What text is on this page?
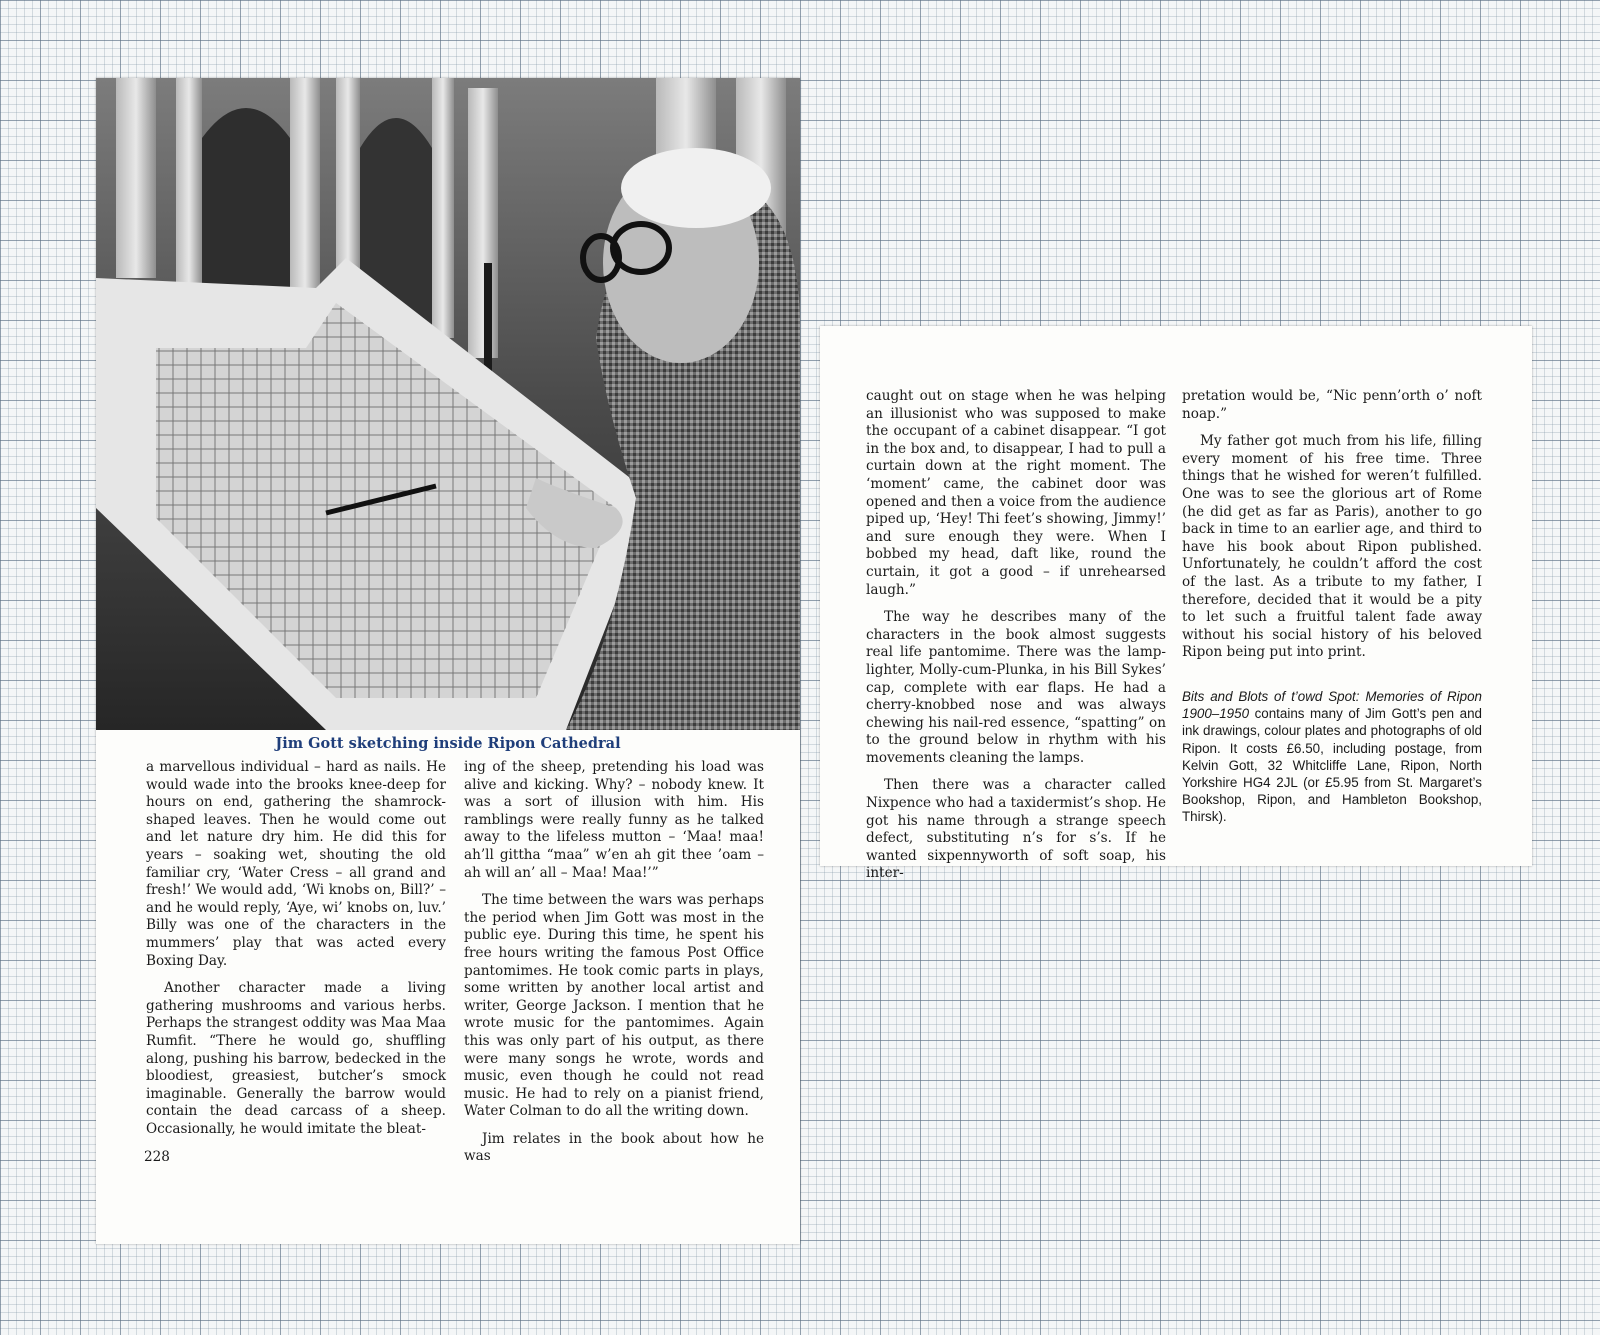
Jim Gott sketching inside Ripon Cathedral

a marvellous individual – hard as nails. He would wade into the brooks knee-deep for hours on end, gathering the shamrock-shaped leaves. Then he would come out and let nature dry him. He did this for years – soaking wet, shouting the old familiar cry, ‘Water Cress – all grand and fresh!’ We would add, ‘Wi knobs on, Bill?’ – and he would reply, ‘Aye, wi’ knobs on, luv.’ Billy was one of the characters in the mummers’ play that was acted every Boxing Day.

Another character made a living gathering mushrooms and various herbs. Perhaps the strangest oddity was Maa Maa Rumfit. “There he would go, shuffling along, pushing his barrow, bedecked in the bloodiest, greasiest, butcher’s smock imaginable. Generally the barrow would contain the dead carcass of a sheep. Occasionally, he would imitate the bleat-

ing of the sheep, pretending his load was alive and kicking. Why? – nobody knew. It was a sort of illusion with him. His ramblings were really funny as he talked away to the lifeless mutton – ‘Maa! maa! ah’ll gittha “maa” w’en ah git thee ’oam – ah will an’ all – Maa! Maa!’”

The time between the wars was perhaps the period when Jim Gott was most in the public eye. During this time, he spent his free hours writing the famous Post Office pantomimes. He took comic parts in plays, some written by another local artist and writer, George Jackson. I mention that he wrote music for the pantomimes. Again this was only part of his output, as there were many songs he wrote, words and music, even though he could not read music. He had to rely on a pianist friend, Water Colman to do all the writing down.

Jim relates in the book about how he was

228

caught out on stage when he was helping an illusionist who was supposed to make the occupant of a cabinet disappear. “I got in the box and, to disappear, I had to pull a curtain down at the right moment. The ‘moment’ came, the cabinet door was opened and then a voice from the audience piped up, ‘Hey! Thi feet’s showing, Jimmy!’ and sure enough they were. When I bobbed my head, daft like, round the curtain, it got a good – if unrehearsed laugh.”

The way he describes many of the characters in the book almost suggests real life pantomime. There was the lamp-lighter, Molly-cum-Plunka, in his Bill Sykes’ cap, complete with ear flaps. He had a cherry-knobbed nose and was always chewing his nail-red essence, “spatting” on to the ground below in rhythm with his movements cleaning the lamps.

Then there was a character called Nixpence who had a taxidermist’s shop. He got his name through a strange speech defect, substituting n’s for s’s. If he wanted sixpennyworth of soft soap, his inter-

pretation would be, “Nic penn’orth o’ noft noap.”

My father got much from his life, filling every moment of his free time. Three things that he wished for weren’t fulfilled. One was to see the glorious art of Rome (he did get as far as Paris), another to go back in time to an earlier age, and third to have his book about Ripon published. Unfortunately, he couldn’t afford the cost of the last. As a tribute to my father, I therefore, decided that it would be a pity to let such a fruitful talent fade away without his social history of his beloved Ripon being put into print.

Bits and Blots of t’owd Spot: Memories of Ripon 1900–1950 contains many of Jim Gott’s pen and ink drawings, colour plates and photographs of old Ripon. It costs £6.50, including postage, from Kelvin Gott, 32 Whitcliffe Lane, Ripon, North Yorkshire HG4 2JL (or £5.95 from St. Margaret’s Bookshop, Ripon, and Hambleton Bookshop, Thirsk).
